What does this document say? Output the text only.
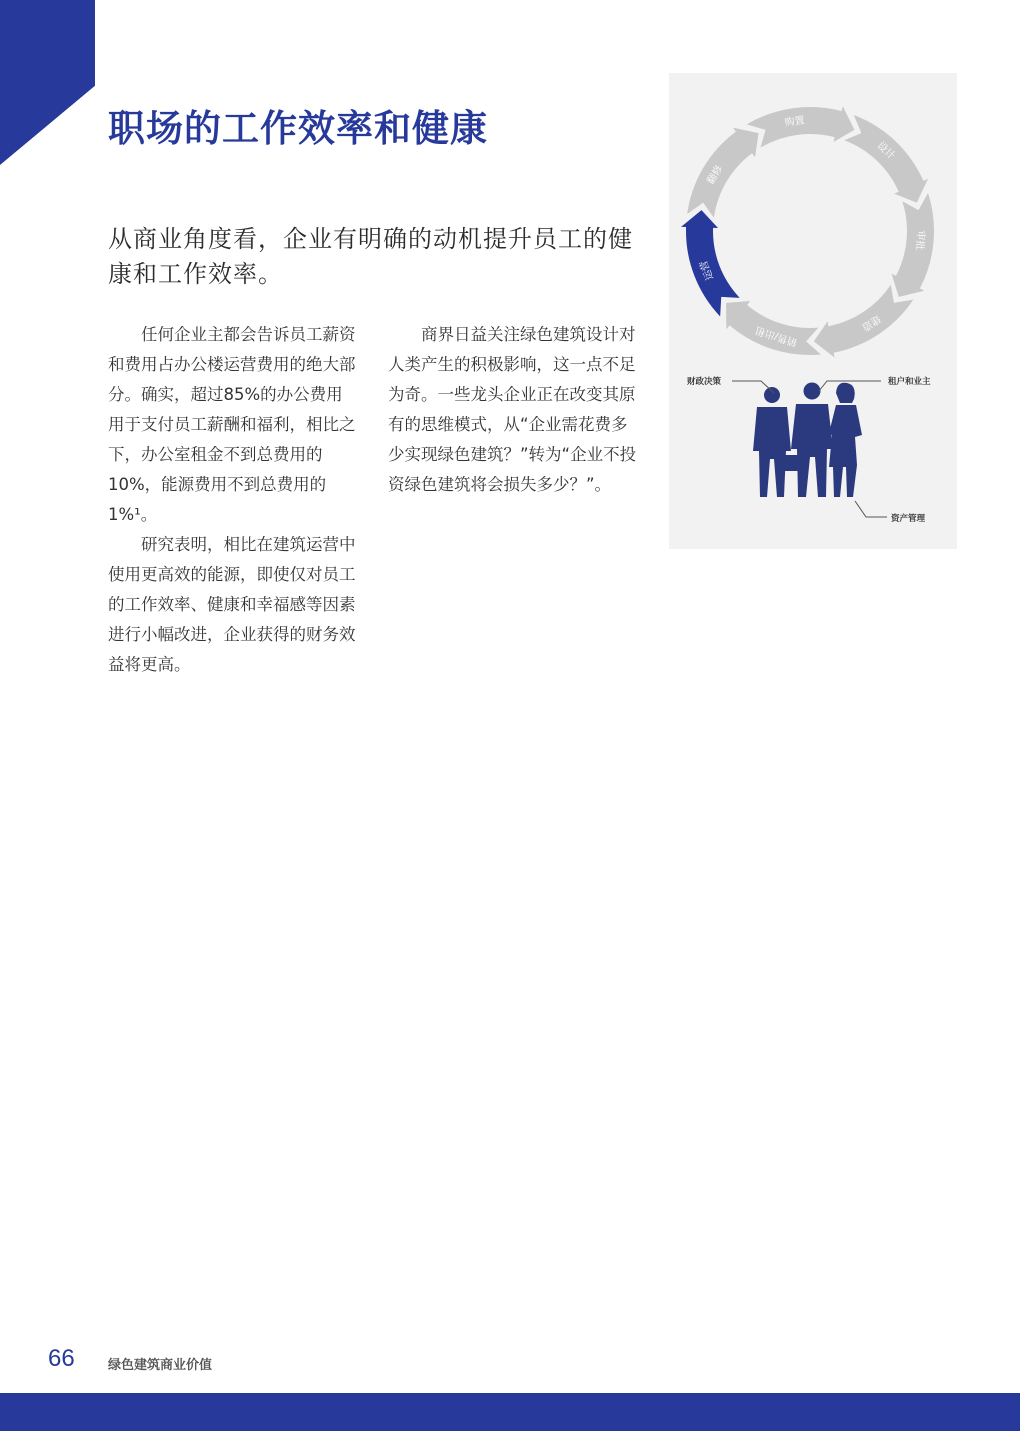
职场的工作效率和健康

从商业角度看，企业有明确的动机提升员工的健康和工作效率。

任何企业主都会告诉员工薪资和费用占办公楼运营费用的绝大部分。确实，超过85%的办公费用用于支付员工薪酬和福利，相比之下，办公室租金不到总费用的10%，能源费用不到总费用的1%¹。

研究表明，相比在建筑运营中使用更高效的能源，即使仅对员工的工作效率、健康和幸福感等因素进行小幅改进，企业获得的财务效益将更高。

商界日益关注绿色建筑设计对人类产生的积极影响，这一点不足为奇。一些龙头企业正在改变其原有的思维模式，从“企业需花费多少实现绿色建筑？”转为“企业不投资绿色建筑将会损失多少？”。

购置
设计
审批
建造
销售/出租
运营
翻修
财政决策	租户和业主
资产管理
66	绿色建筑商业价值
